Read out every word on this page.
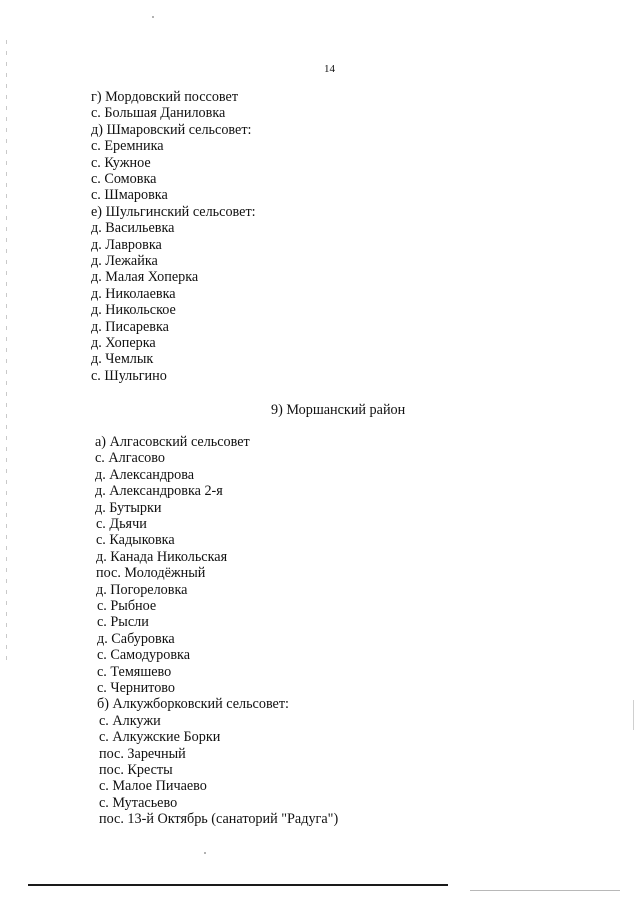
14
г) Мордовский поссовет
с. Большая Даниловка
д) Шмаровский сельсовет:
с. Еремника
с. Кужное
с. Сомовка
с. Шмаровка
е) Шульгинский сельсовет:
д. Васильевка
д. Лавровка
д. Лежайка
д. Малая Хоперка
д. Николаевка
д. Никольское
д. Писаревка
д. Хоперка
д. Чемлык
с. Шульгино
9) Моршанский район
а) Алгасовский сельсовет
с. Алгасово
д. Александрова
д. Александровка 2-я
д. Бутырки
с. Дьячи
с. Кадыковка
д. Канада Никольская
пос. Молодёжный
д. Погореловка
с. Рыбное
с. Рысли
д. Сабуровка
с. Самодуровка
с. Темяшево
с. Чернитово
б) Алкужборковский сельсовет:
с. Алкужи
с. Алкужские Борки
пос. Заречный
пос. Кресты
с. Малое Пичаево
с. Мутасьево
пос. 13-й Октябрь (санаторий "Радуга")
